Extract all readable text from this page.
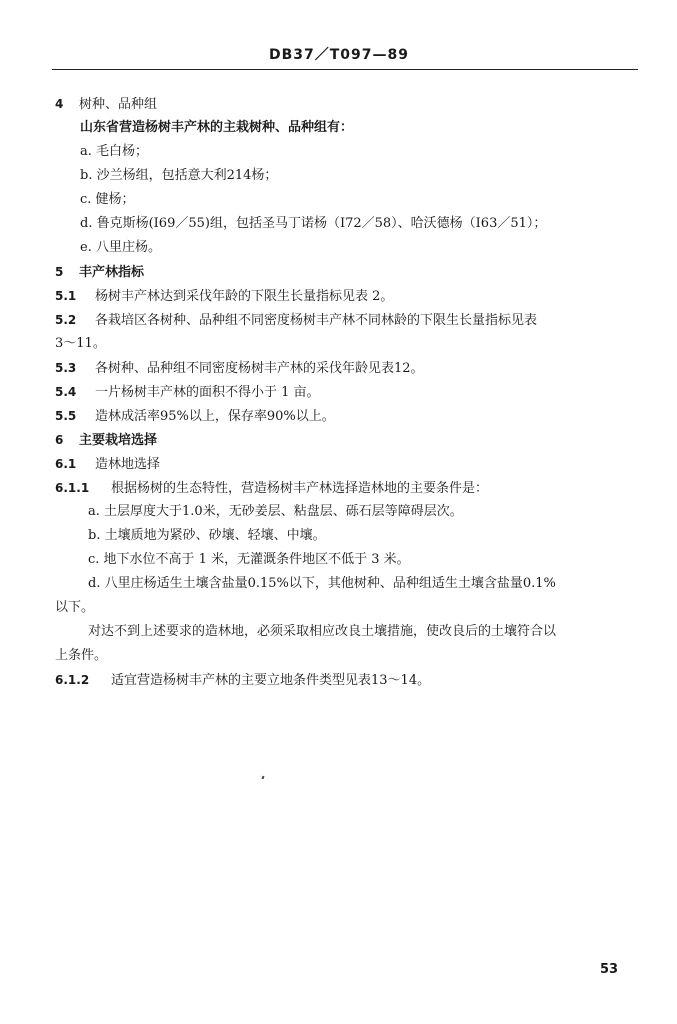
DB37／T097—89
4 树种、品种组
山东省营造杨树丰产林的主栽树种、品种组有：
a. 毛白杨；
b. 沙兰杨组，包括意大利214杨；
c. 健杨；
d. 鲁克斯杨(I69／55)组，包括圣马丁诺杨（I72／58）、哈沃德杨（I63／51）；
e. 八里庄杨。
5 丰产林指标
5.1 杨树丰产林达到采伐年龄的下限生长量指标见表 2。
5.2 各栽培区各树种、品种组不同密度杨树丰产林不同林龄的下限生长量指标见表
3～11。
5.3 各树种、品种组不同密度杨树丰产林的采伐年龄见表12。
5.4 一片杨树丰产林的面积不得小于 1 亩。
5.5 造林成活率95%以上，保存率90%以上。
6 主要栽培选择
6.1 造林地选择
6.1.1 根据杨树的生态特性，营造杨树丰产林选择造林地的主要条件是：
a. 土层厚度大于1.0米，无砂姜层、粘盘层、砾石层等障碍层次。
b. 土壤质地为紧砂、砂壤、轻壤、中壤。
c. 地下水位不高于 1 米，无灌溉条件地区不低于 3 米。
d. 八里庄杨适生土壤含盐量0.15%以下，其他树种、品种组适生土壤含盐量0.1%
以下。
对达不到上述要求的造林地，必须采取相应改良土壤措施，使改良后的土壤符合以
上条件。
6.1.2 适宜营造杨树丰产林的主要立地条件类型见表13～14。
53
